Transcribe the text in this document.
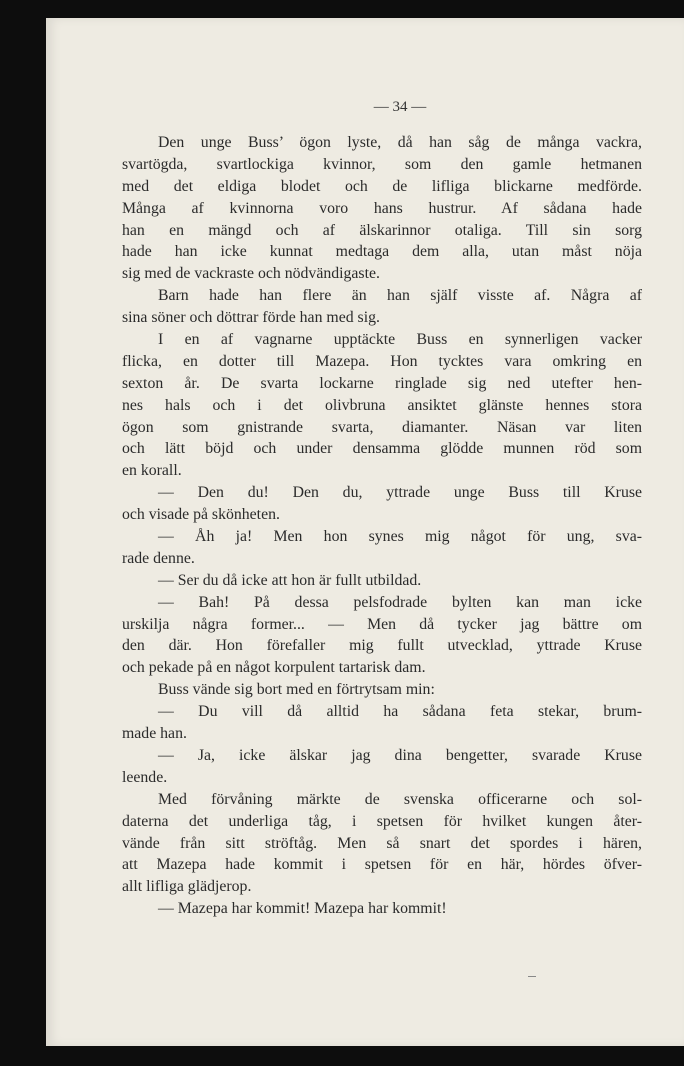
— 34 —
Den unge Buss’ ögon lyste, då han såg de många vackra,
svartögda, svartlockiga kvinnor, som den gamle hetmanen
med det eldiga blodet och de lifliga blickarne medförde.
Många af kvinnorna voro hans hustrur. Af sådana hade
han en mängd och af älskarinnor otaliga. Till sin sorg
hade han icke kunnat medtaga dem alla, utan måst nöja
sig med de vackraste och nödvändigaste.
Barn hade han flere än han själf visste af. Några af
sina söner och döttrar förde han med sig.
I en af vagnarne upptäckte Buss en synnerligen vacker
flicka, en dotter till Mazepa. Hon tycktes vara omkring en
sexton år. De svarta lockarne ringlade sig ned utefter hen-
nes hals och i det olivbruna ansiktet glänste hennes stora
ögon som gnistrande svarta, diamanter. Näsan var liten
och lätt böjd och under densamma glödde munnen röd som
en korall.
— Den du! Den du, yttrade unge Buss till Kruse
och visade på skönheten.
— Åh ja! Men hon synes mig något för ung, sva-
rade denne.
— Ser du då icke att hon är fullt utbildad.
— Bah! På dessa pelsfodrade bylten kan man icke
urskilja några former... — Men då tycker jag bättre om
den där. Hon förefaller mig fullt utvecklad, yttrade Kruse
och pekade på en något korpulent tartarisk dam.
Buss vände sig bort med en förtrytsam min:
— Du vill då alltid ha sådana feta stekar, brum-
made han.
— Ja, icke älskar jag dina bengetter, svarade Kruse
leende.
Med förvåning märkte de svenska officerarne och sol-
daterna det underliga tåg, i spetsen för hvilket kungen åter-
vände från sitt ströftåg. Men så snart det spordes i hären,
att Mazepa hade kommit i spetsen för en här, hördes öfver-
allt lifliga glädjerop.
— Mazepa har kommit! Mazepa har kommit!
